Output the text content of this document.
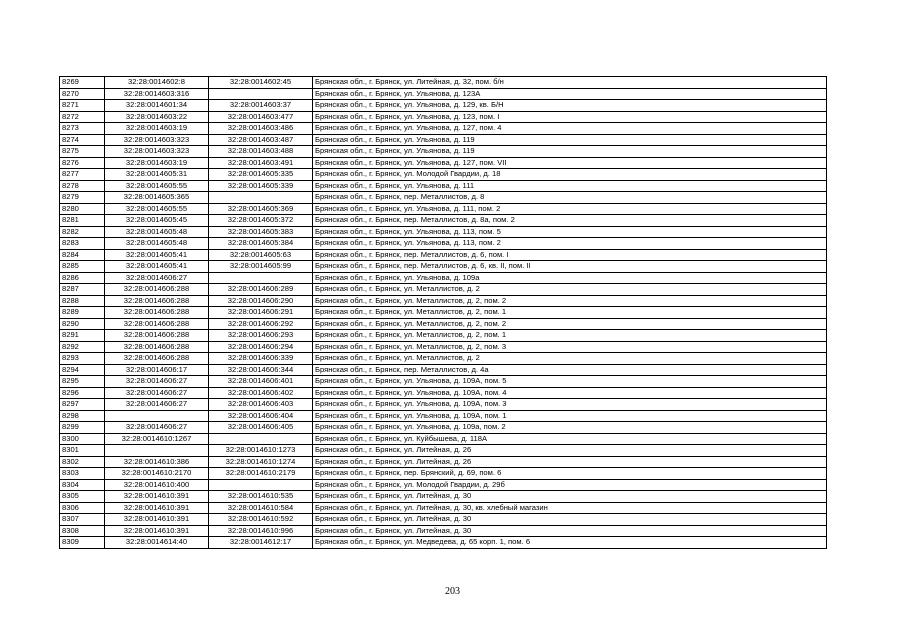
8269	32:28:0014602:8	32:28:0014602:45	Брянская обл., г. Брянск, ул. Литейная, д. 32, пом. б/н
8270	32:28:0014603:316		Брянская обл., г. Брянск, ул. Ульянова, д. 123А
8271	32:28:0014601:34	32:28:0014603:37	Брянская обл., г. Брянск, ул. Ульянова, д. 129, кв. Б/Н
8272	32:28:0014603:22	32:28:0014603:477	Брянская обл., г. Брянск, ул. Ульянова, д. 123, пом. I
8273	32:28:0014603:19	32:28:0014603:486	Брянская обл., г. Брянск, ул. Ульянова, д. 127, пом. 4
8274	32:28:0014603:323	32:28:0014603:487	Брянская обл., г. Брянск, ул. Ульянова, д. 119
8275	32:28:0014603:323	32:28:0014603:488	Брянская обл., г. Брянск, ул. Ульянова, д. 119
8276	32:28:0014603:19	32:28:0014603:491	Брянская обл., г. Брянск, ул. Ульянова, д. 127, пом. VII
8277	32:28:0014605:31	32:28:0014605:335	Брянская обл., г. Брянск, ул. Молодой Гвардии, д. 18
8278	32:28:0014605:55	32:28:0014605:339	Брянская обл., г. Брянск, ул. Ульянова, д. 111
8279	32:28:0014605:365		Брянская обл., г. Брянск, пер. Металлистов, д. 8
8280	32:28:0014605:55	32:28:0014605:369	Брянская обл., г. Брянск, ул. Ульянова, д. 111, пом. 2
8281	32:28:0014605:45	32:28:0014605:372	Брянская обл., г. Брянск, пер. Металлистов, д. 8а, пом. 2
8282	32:28:0014605:48	32:28:0014605:383	Брянская обл., г. Брянск, ул. Ульянова, д. 113, пом. 5
8283	32:28:0014605:48	32:28:0014605:384	Брянская обл., г. Брянск, ул. Ульянова, д. 113, пом. 2
8284	32:28:0014605:41	32:28:0014605:63	Брянская обл., г. Брянск, пер. Металлистов, д. 6, пом. I
8285	32:28:0014605:41	32:28:0014605:99	Брянская обл., г. Брянск, пер. Металлистов, д. 6, кв. II, пом. II
8286	32:28:0014606:27		Брянская обл., г. Брянск, ул. Ульянова, д. 109а
8287	32:28:0014606:288	32:28:0014606:289	Брянская обл., г. Брянск, ул. Металлистов, д. 2
8288	32:28:0014606:288	32:28:0014606:290	Брянская обл., г. Брянск, ул. Металлистов, д. 2, пом. 2
8289	32:28:0014606:288	32:28:0014606:291	Брянская обл., г. Брянск, ул. Металлистов, д. 2, пом. 1
8290	32:28:0014606:288	32:28:0014606:292	Брянская обл., г. Брянск, ул. Металлистов, д. 2, пом. 2
8291	32:28:0014606:288	32:28:0014606:293	Брянская обл., г. Брянск, ул. Металлистов, д. 2, пом. 1
8292	32:28:0014606:288	32:28:0014606:294	Брянская обл., г. Брянск, ул. Металлистов, д. 2, пом. 3
8293	32:28:0014606:288	32:28:0014606:339	Брянская обл., г. Брянск, ул. Металлистов, д. 2
8294	32:28:0014606:17	32:28:0014606:344	Брянская обл., г. Брянск, пер. Металлистов, д. 4а
8295	32:28:0014606:27	32:28:0014606:401	Брянская обл., г. Брянск, ул. Ульянова, д. 109А, пом. 5
8296	32:28:0014606:27	32:28:0014606:402	Брянская обл., г. Брянск, ул. Ульянова, д. 109А, пом. 4
8297	32:28:0014606:27	32:28:0014606:403	Брянская обл., г. Брянск, ул. Ульянова, д. 109А, пом. 3
8298		32:28:0014606:404	Брянская обл., г. Брянск, ул. Ульянова, д. 109А, пом. 1
8299	32:28:0014606:27	32:28:0014606:405	Брянская обл., г. Брянск, ул. Ульянова, д. 109а, пом. 2
8300	32:28:0014610:1267		Брянская обл., г. Брянск, ул. Куйбышева, д. 118А
8301		32:28:0014610:1273	Брянская обл., г. Брянск, ул. Литейная, д. 26
8302	32:28:0014610:386	32:28:0014610:1274	Брянская обл., г. Брянск, ул. Литейная, д. 26
8303	32:28:0014610:2170	32:28:0014610:2179	Брянская обл., г. Брянск, пер. Брянский, д. 69, пом. 6
8304	32:28:0014610:400		Брянская обл., г. Брянск, ул. Молодой Гвардии, д. 29б
8305	32:28:0014610:391	32:28:0014610:535	Брянская обл., г. Брянск, ул. Литейная, д. 30
8306	32:28:0014610:391	32:28:0014610:584	Брянская обл., г. Брянск, ул. Литейная, д. 30, кв. хлебный магазин
8307	32:28:0014610:391	32:28:0014610:592	Брянская обл., г. Брянск, ул. Литейная, д. 30
8308	32:28:0014610:391	32:28:0014610:996	Брянская обл., г. Брянск, ул. Литейная, д. 30
8309	32:28:0014614:40	32:28:0014612:17	Брянская обл., г. Брянск, ул. Медведева, д. 65 корп. 1, пом. 6
203
